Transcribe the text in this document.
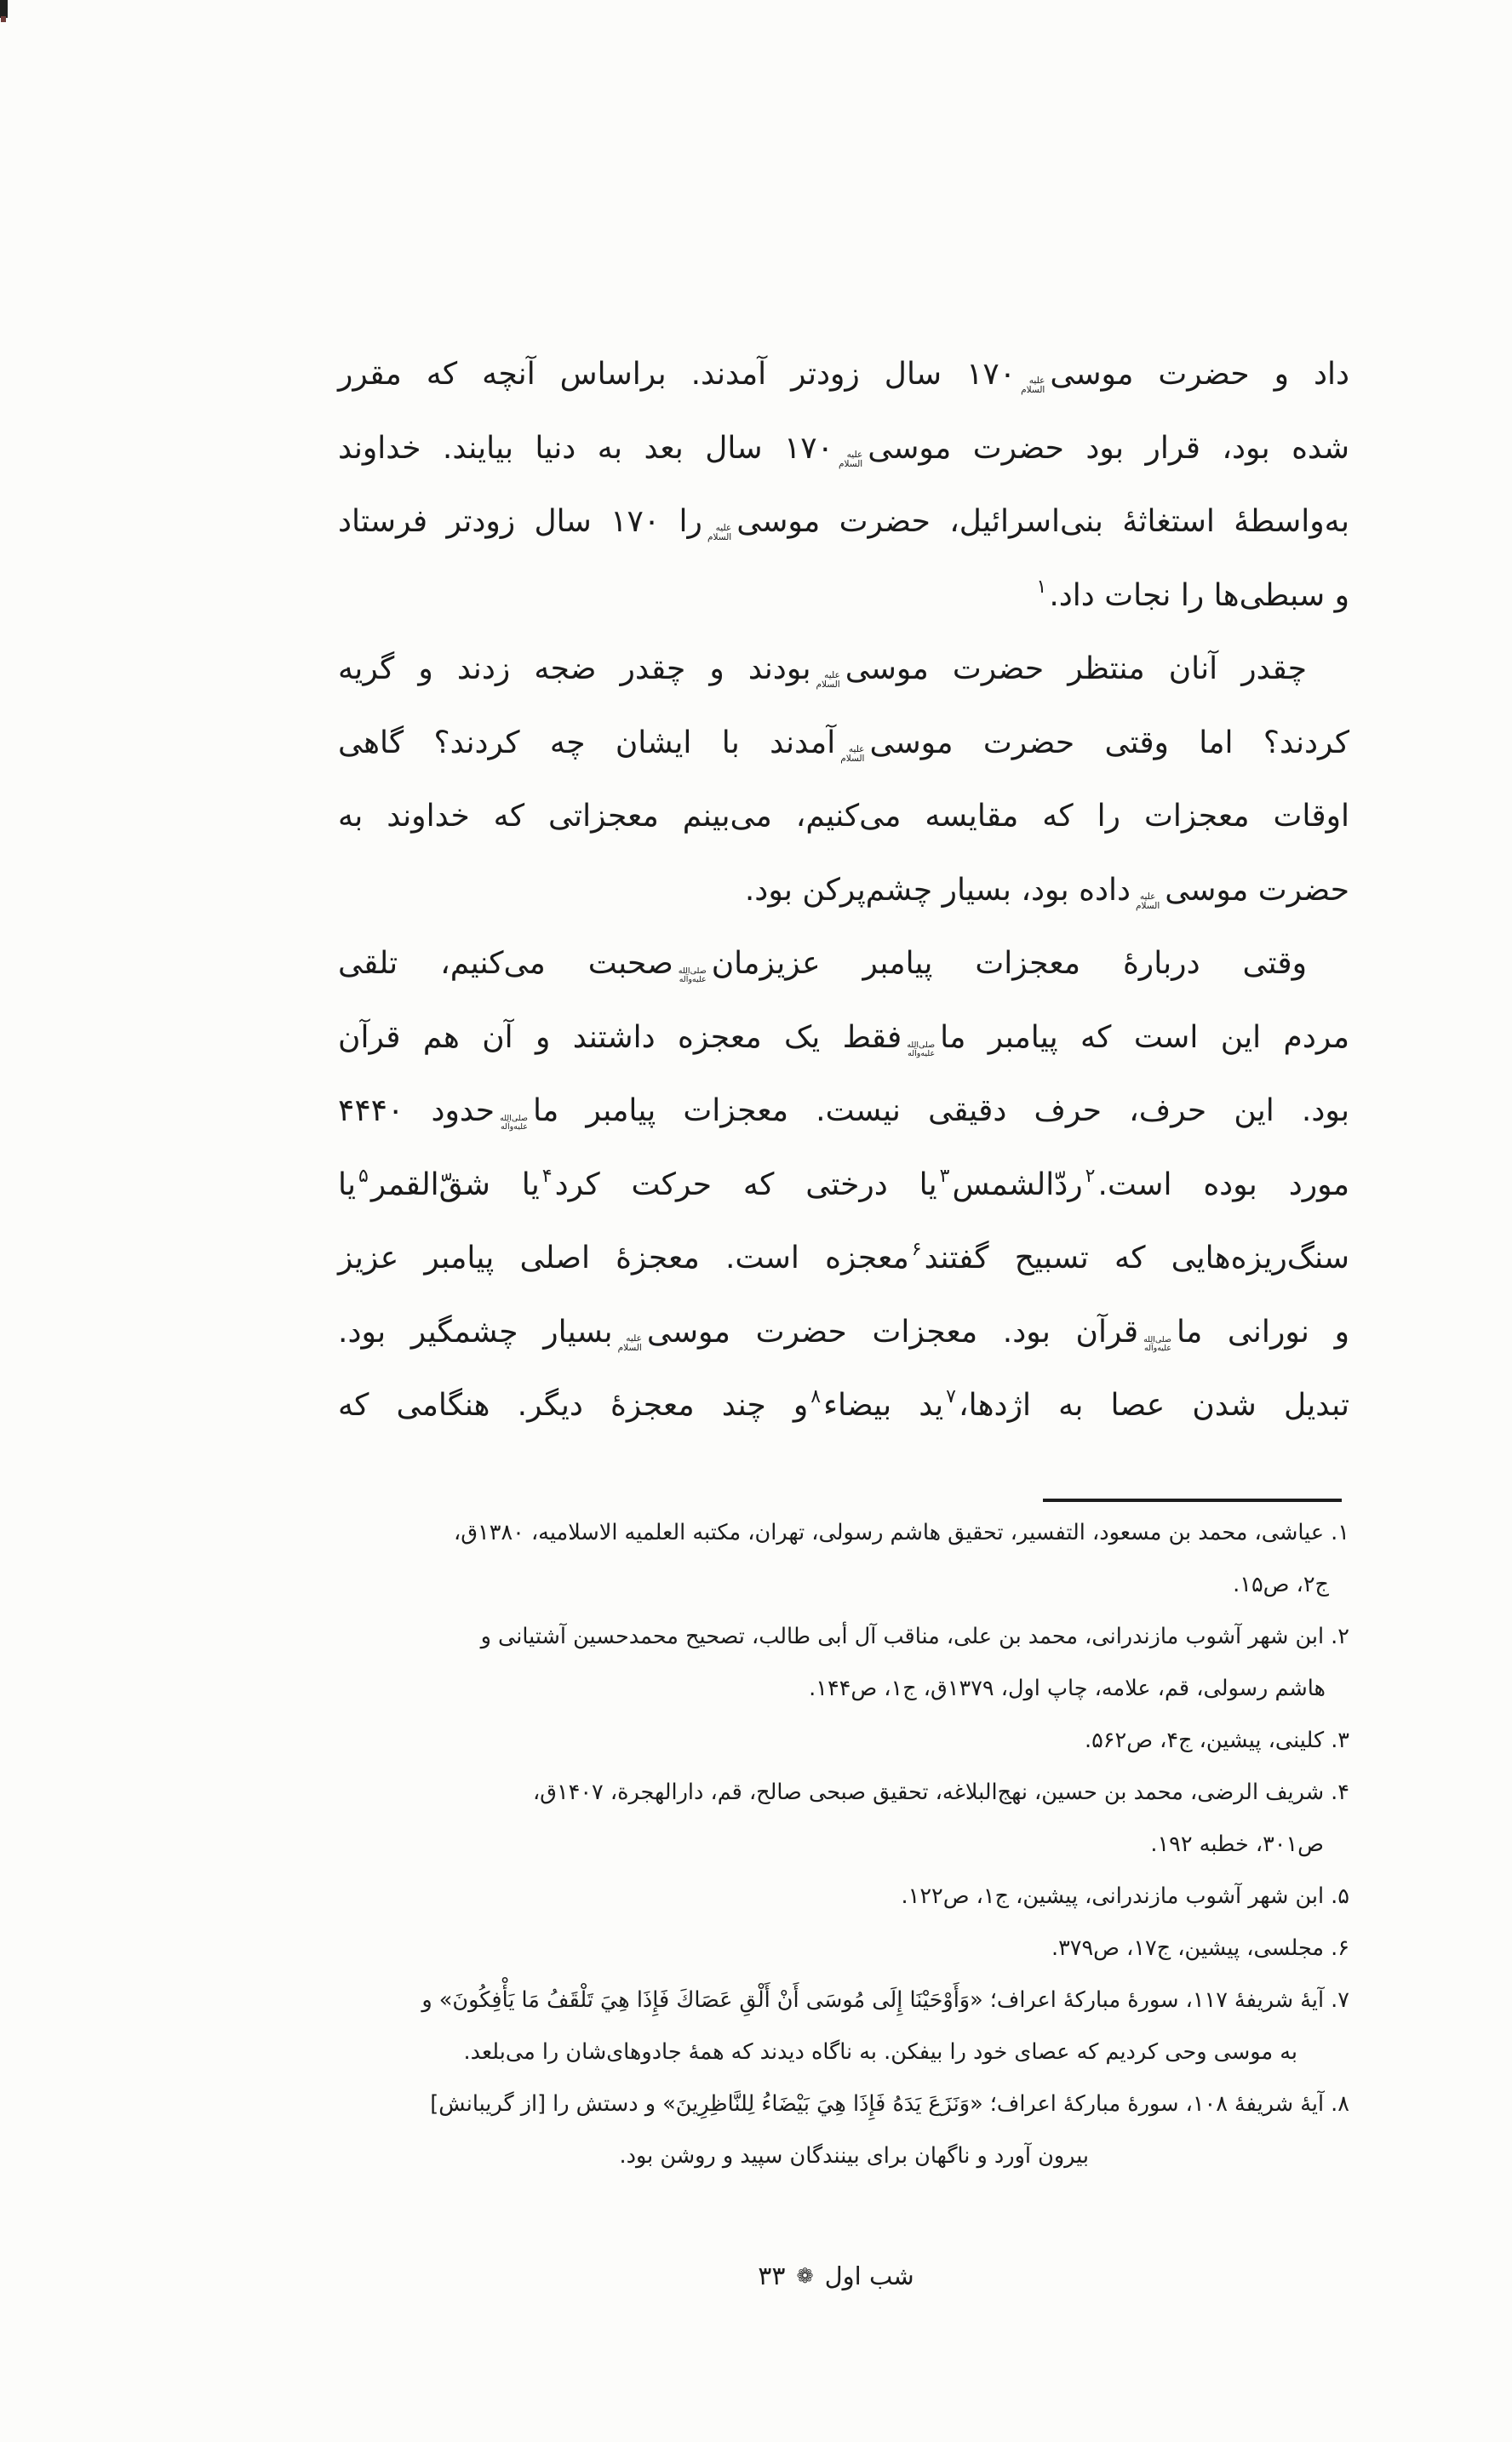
داد و حضرت موسی
علیه
السلام
۱۷۰ سال زودتر آمدند. براساس آنچه که مقرر
شده بود، قرار بود حضرت موسی
علیه
السلام
۱۷۰ سال بعد به دنیا بیایند. خداوند
به‌واسطهٔ استغاثهٔ بنی‌اسرائیل، حضرت موسی
علیه
السلام
را ۱۷۰ سال زودتر فرستاد
و سبطی‌ها را نجات داد.$^۱$
چقدر آنان منتظر حضرت موسی
علیه
السلام
بودند و چقدر ضجه زدند و گریه
کردند؟ اما وقتی حضرت موسی
علیه
السلام
آمدند با ایشان چه کردند؟ گاهی
اوقات معجزات را که مقایسه می‌کنیم، می‌بینم معجزاتی که خداوند به
حضرت موسی
علیه
السلام
داده بود، بسیار چشم‌پرکن بود.
وقتی دربارهٔ معجزات پیامبر عزیزمان
صلی‌الله
علیه‌وآله
صحبت می‌کنیم، تلقی
مردم این است که پیامبر ما
صلی‌الله
علیه‌وآله
فقط یک معجزه داشتند و آن هم قرآن
بود. این حرف، حرف دقیقی نیست. معجزات پیامبر ما
صلی‌الله
علیه‌وآله
حدود ۴۴۴۰
مورد بوده است.$^۲$ردّالشمس$^۳$یا درختی که حرکت کرد$^۴$یا شقّ‌القمر$^۵$یا
سنگ‌ریزه‌هایی که تسبیح گفتند$^۶$معجزه است. معجزهٔ اصلی پیامبر عزیز
و نورانی ما
صلی‌الله
علیه‌وآله
قرآن بود. معجزات حضرت موسی
علیه
السلام
بسیار چشمگیر بود.
تبدیل شدن عصا به اژدها،$^۷$ید بیضاء$^۸$و چند معجزهٔ دیگر. هنگامی که
۱. عیاشی، محمد بن مسعود، التفسیر، تحقیق هاشم رسولی، تهران، مکتبه العلمیه الاسلامیه، ۱۳۸۰ق،
ج۲، ص۱۵.
۲. ابن شهر آشوب مازندرانی، محمد بن علی، مناقب آل أبی طالب، تصحیح محمدحسین آشتیانی و
هاشم رسولی، قم، علامه، چاپ اول، ۱۳۷۹ق، ج۱، ص۱۴۴.
۳. کلینی، پیشین، ج۴، ص۵۶۲.
۴. شریف الرضی، محمد بن حسین، نهج‌البلاغه، تحقیق صبحی صالح، قم، دارالهجرة، ۱۴۰۷ق،
ص۳۰۱، خطبه ۱۹۲.
۵. ابن شهر آشوب مازندرانی، پیشین، ج۱، ص۱۲۲.
۶. مجلسی، پیشین، ج۱۷، ص۳۷۹.
۷. آیهٔ شریفهٔ ۱۱۷، سورهٔ مبارکهٔ اعراف؛ «وَأَوْحَيْنَا إِلَى مُوسَى أَنْ أَلْقِ عَصَاكَ فَإِذَا هِيَ تَلْقَفُ مَا يَأْفِكُونَ» و
به موسی وحی کردیم که عصای خود را بیفکن. به ناگاه دیدند که همهٔ جادوهای‌شان را می‌بلعد.
۸. آیهٔ شریفهٔ ۱۰۸، سورهٔ مبارکهٔ اعراف؛ «وَنَزَعَ يَدَهُ فَإِذَا هِيَ بَيْضَاءُ لِلنَّاظِرِينَ» و دستش را [از گریبانش]
بیرون آورد و ناگهان برای بینندگان سپید و روشن بود.
شب اول❁۳۳
